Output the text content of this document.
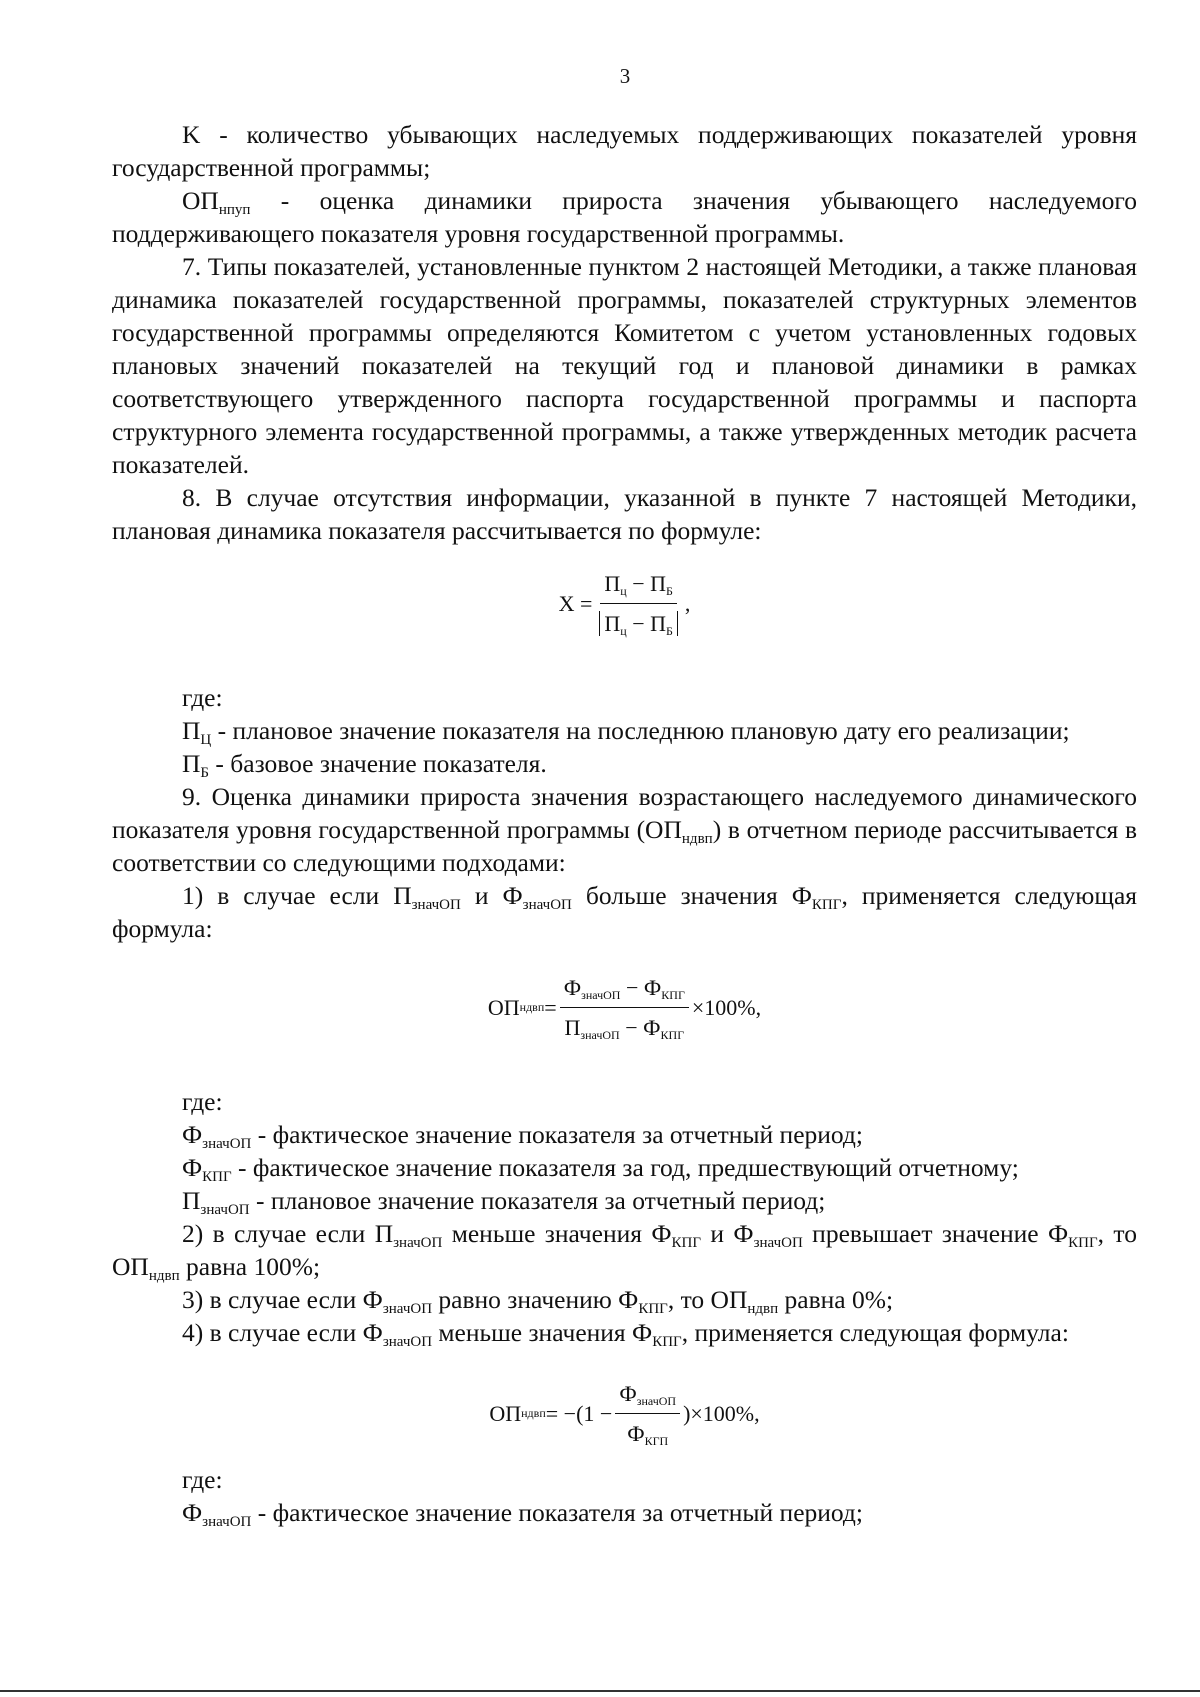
3

K - количество убывающих наследуемых поддерживающих показателей уровня государственной программы;

$ОП_{нпуп}$ - оценка динамики прироста значения убывающего наследуемого поддерживающего показателя уровня государственной программы.

7. Типы показателей, установленные пунктом 2 настоящей Методики, а также плановая динамика показателей государственной программы, показателей структурных элементов государственной программы определяются Комитетом с учетом установленных годовых плановых значений показателей на текущий год и плановой динамики в рамках соответствующего утвержденного паспорта государственной программы и паспорта структурного элемента государственной программы, а также утвержденных методик расчета показателей.

8. В случае отсутствия информации, указанной в пункте 7 настоящей Методики, плановая динамика показателя рассчитывается по формуле:

$X = \frac{П_ц - П_Б}{П_ц - П_Б}$ ,

где:

$П_Ц$ - плановое значение показателя на последнюю плановую дату его реализации;

$П_Б$ - базовое значение показателя.

9. Оценка динамики прироста значения возрастающего наследуемого динамического показателя уровня государственной программы $(ОП_{ндвп})$ в отчетном периоде рассчитывается в соответствии со следующими подходами:

1) в случае если $П_{значОП}$ и $Ф_{значОП}$ больше значения $Ф_{КПГ}$, применяется следующая формула:

ОП ндвп = $\frac{Ф_{значОП} - Ф_{КПГ}}{П_{значОП} - Ф_{КПГ}} \times 100\%$,

где:

$Ф_{значОП}$ - фактическое значение показателя за отчетный период;

$Ф_{КПГ}$ - фактическое значение показателя за год, предшествующий отчетному;

$П_{значОП}$ - плановое значение показателя за отчетный период;

2) в случае если $П_{значОП}$ меньше значения $Ф_{КПГ}$ и $Ф_{значОП}$ превышает значение $Ф_{КПГ}$, то $ОП_{ндвп}$ равна 100%;

3) в случае если $Ф_{значОП}$ равно значению $Ф_{КПГ}$, то $ОП_{ндвп}$ равна 0%;

4) в случае если $Ф_{значОП}$ меньше значения $Ф_{КПГ}$, применяется следующая формула:

ОП ндвп = $-(1 - \frac{Ф_{значОП}}{Ф_{КГП}} )\times 100\%$,

где:

$Ф_{значОП}$ - фактическое значение показателя за отчетный период;
